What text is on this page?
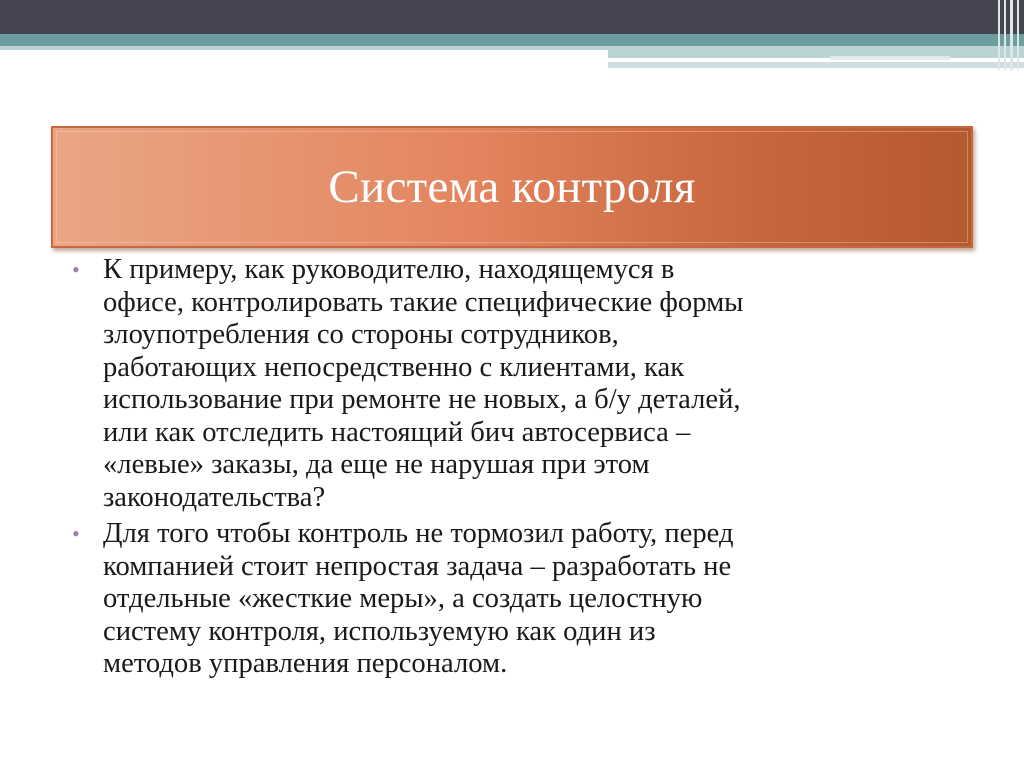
Система контроля
• К примеру, как руководителю, находящемуся в
офисе, контролировать такие специфические формы
злоупотребления со стороны сотрудников,
работающих непосредственно с клиентами, как
использование при ремонте не новых, а б/у деталей,
или как отследить настоящий бич автосервиса –
«левые» заказы, да еще не нарушая при этом
законодательства?
• Для того чтобы контроль не тормозил работу, перед
компанией стоит непростая задача – разработать не
отдельные «жесткие меры», а создать целостную
систему контроля, используемую как один из
методов управления персоналом.
